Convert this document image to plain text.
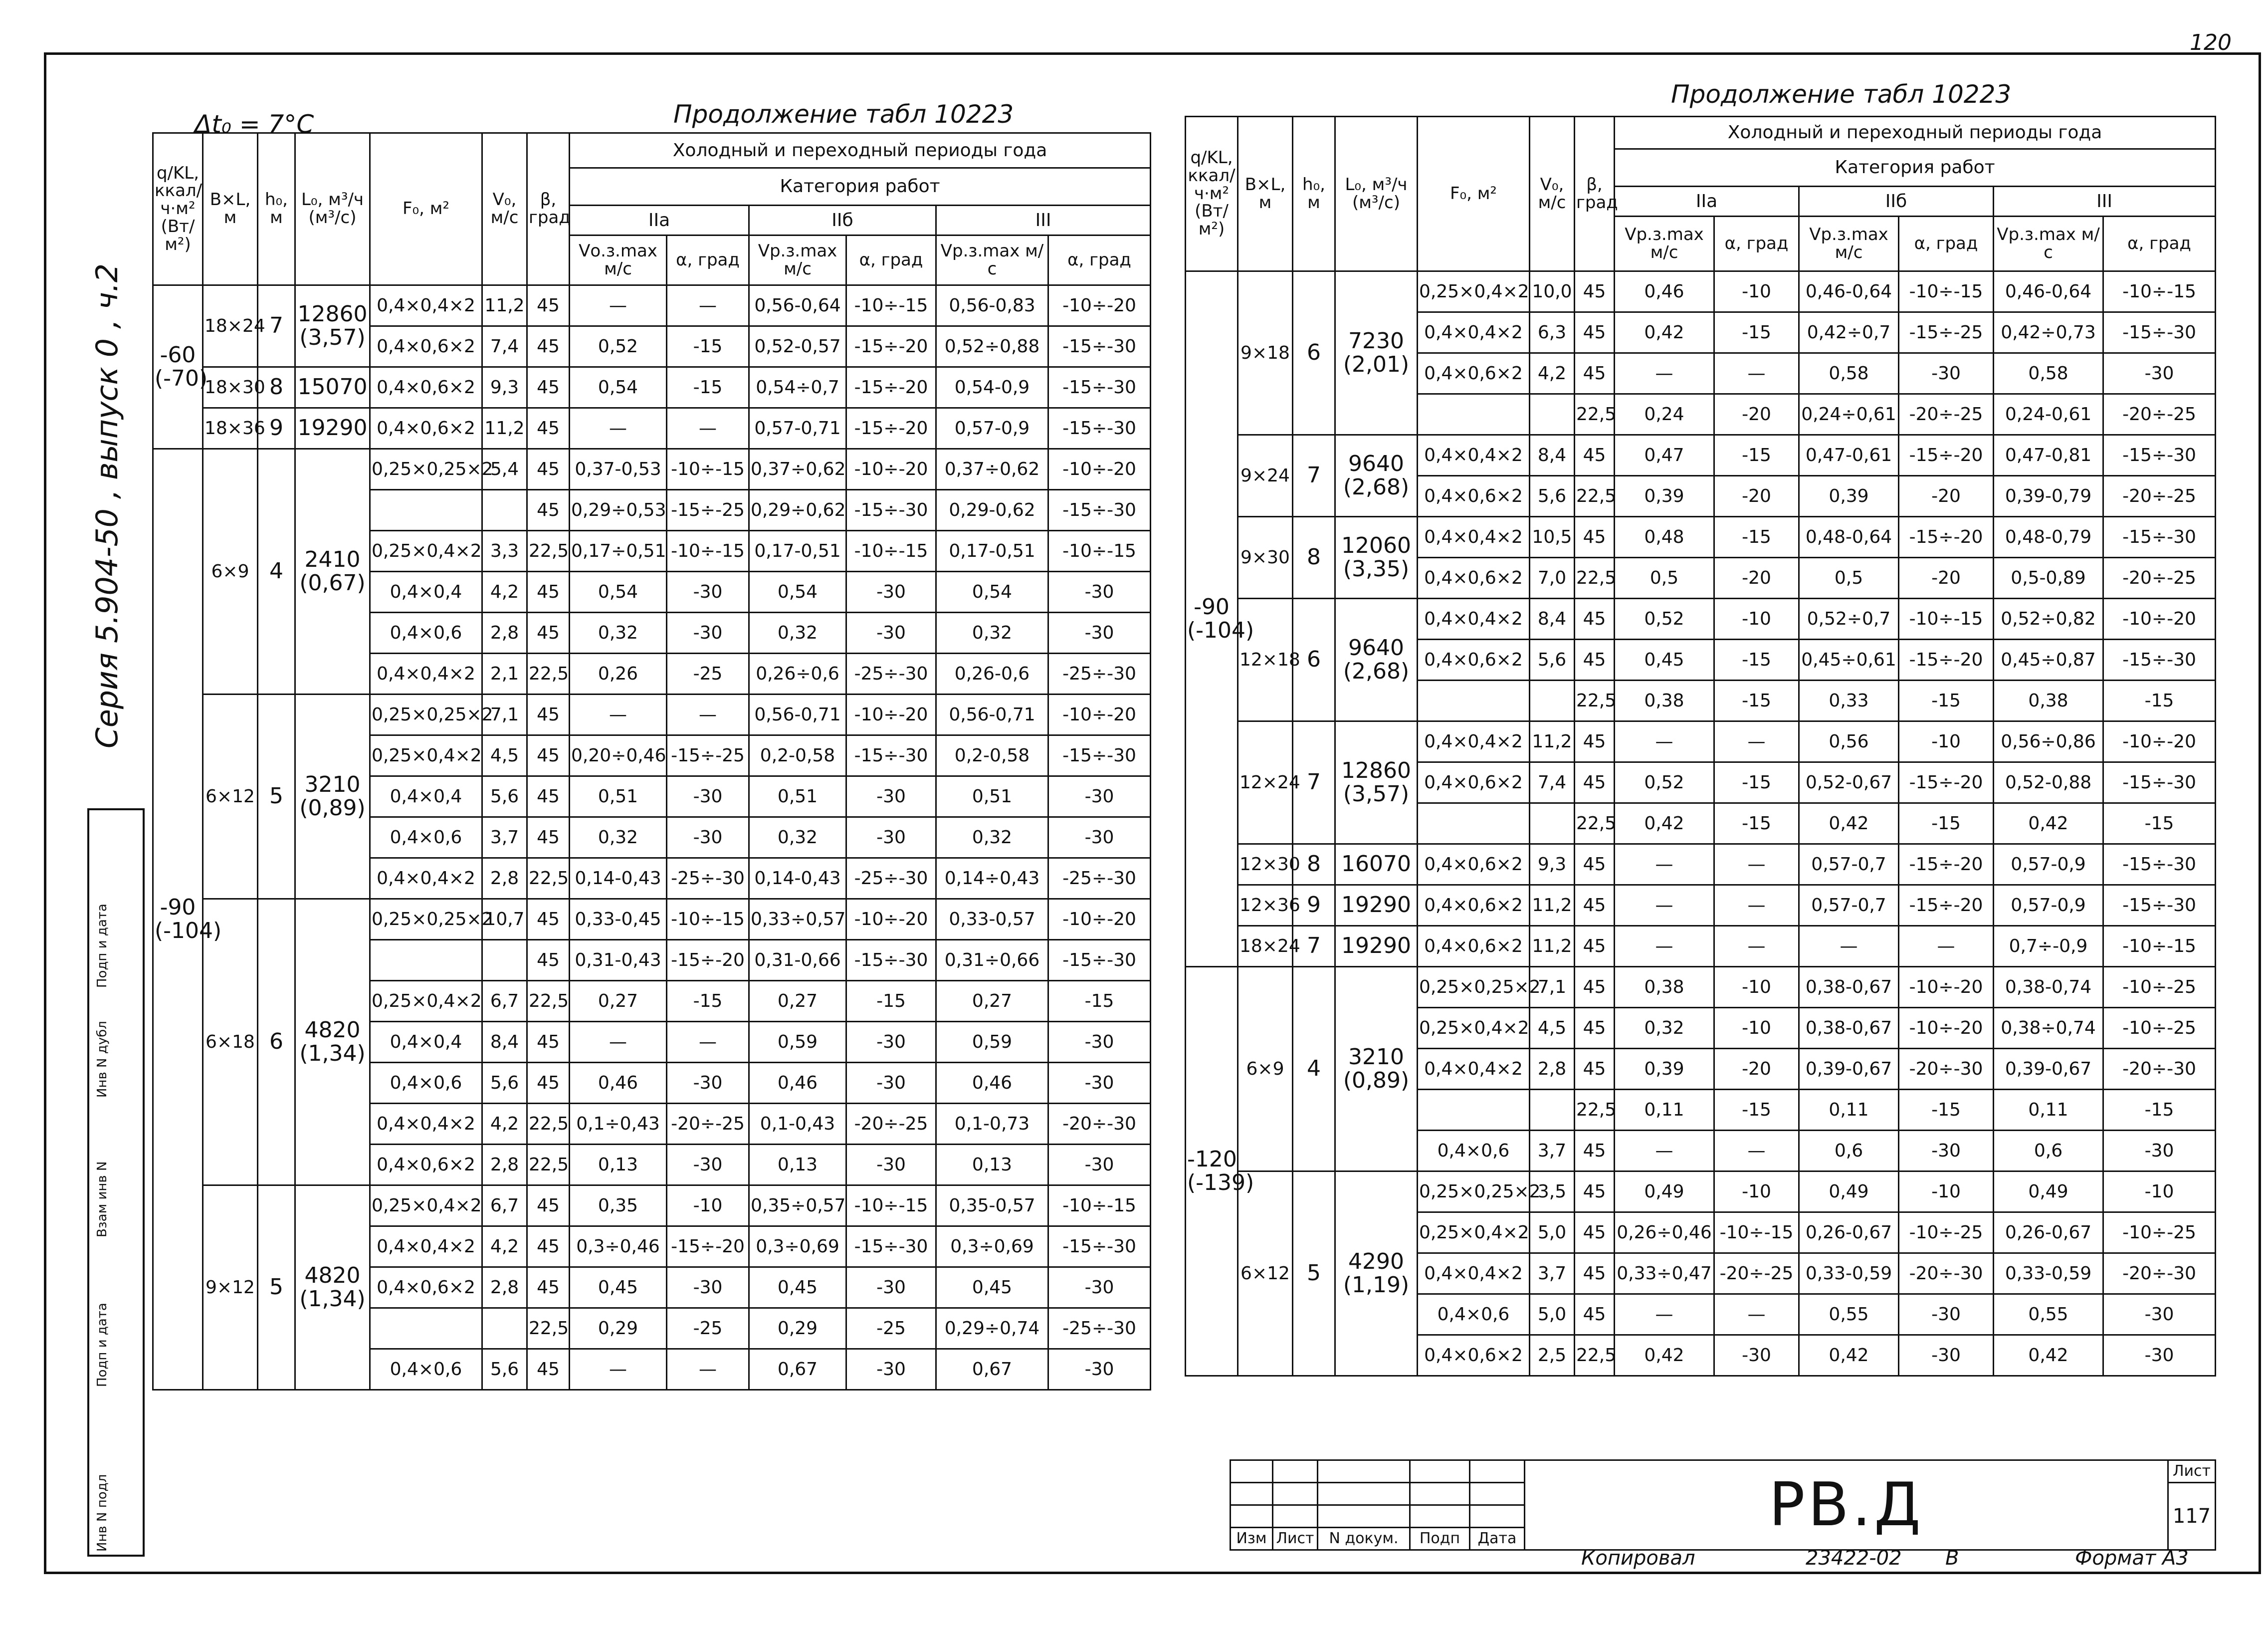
120
Серия 5.904-50 , выпуск 0 , ч.2
Инв N подл
Подп и дата
Взам инв N
Инв N дубл
Подп и дата
Δt₀ = 7°C	Продолжение табл 10223
q/KL, ккал/ч·м² (Вт/м²)	B×L, м	h₀, м	L₀, м³/ч (м³/с)	F₀, м²	V₀, м/с	β, град	Холодный и переходный периоды года					
							Категория работ					
							IIа		IIб		III	
							Vо.з.max м/с	α, град	Vр.з.max м/с	α, град	Vр.з.max м/с	α, град
-60 (-70)	18×24	7	12860 (3,57)	0,4×0,4×2	11,2	45	—	—	0,56-0,64	-10÷-15	0,56-0,83	-10÷-20
				0,4×0,6×2	7,4	45	0,52	-15	0,52-0,57	-15÷-20	0,52÷0,88	-15÷-30
	18×30	8	15070	0,4×0,6×2	9,3	45	0,54	-15	0,54÷0,7	-15÷-20	0,54-0,9	-15÷-30
	18×36	9	19290	0,4×0,6×2	11,2	45	—	—	0,57-0,71	-15÷-20	0,57-0,9	-15÷-30
-90 (-104)	6×9	4	2410 (0,67)	0,25×0,25×2	5,4	45	0,37-0,53	-10÷-15	0,37÷0,62	-10÷-20	0,37÷0,62	-10÷-20
						45	0,29÷0,53	-15÷-25	0,29÷0,62	-15÷-30	0,29-0,62	-15÷-30
				0,25×0,4×2	3,3	22,5	0,17÷0,51	-10÷-15	0,17-0,51	-10÷-15	0,17-0,51	-10÷-15
				0,4×0,4	4,2	45	0,54	-30	0,54	-30	0,54	-30
				0,4×0,6	2,8	45	0,32	-30	0,32	-30	0,32	-30
				0,4×0,4×2	2,1	22,5	0,26	-25	0,26÷0,6	-25÷-30	0,26-0,6	-25÷-30
	6×12	5	3210 (0,89)	0,25×0,25×2	7,1	45	—	—	0,56-0,71	-10÷-20	0,56-0,71	-10÷-20
				0,25×0,4×2	4,5	45	0,20÷0,46	-15÷-25	0,2-0,58	-15÷-30	0,2-0,58	-15÷-30
				0,4×0,4	5,6	45	0,51	-30	0,51	-30	0,51	-30
				0,4×0,6	3,7	45	0,32	-30	0,32	-30	0,32	-30
				0,4×0,4×2	2,8	22,5	0,14-0,43	-25÷-30	0,14-0,43	-25÷-30	0,14÷0,43	-25÷-30
	6×18	6	4820 (1,34)	0,25×0,25×2	10,7	45	0,33-0,45	-10÷-15	0,33÷0,57	-10÷-20	0,33-0,57	-10÷-20
						45	0,31-0,43	-15÷-20	0,31-0,66	-15÷-30	0,31÷0,66	-15÷-30
				0,25×0,4×2	6,7	22,5	0,27	-15	0,27	-15	0,27	-15
				0,4×0,4	8,4	45	—	—	0,59	-30	0,59	-30
				0,4×0,6	5,6	45	0,46	-30	0,46	-30	0,46	-30
				0,4×0,4×2	4,2	22,5	0,1÷0,43	-20÷-25	0,1-0,43	-20÷-25	0,1-0,73	-20÷-30
				0,4×0,6×2	2,8	22,5	0,13	-30	0,13	-30	0,13	-30
	9×12	5	4820 (1,34)	0,25×0,4×2	6,7	45	0,35	-10	0,35÷0,57	-10÷-15	0,35-0,57	-10÷-15
				0,4×0,4×2	4,2	45	0,3÷0,46	-15÷-20	0,3÷0,69	-15÷-30	0,3÷0,69	-15÷-30
				0,4×0,6×2	2,8	45	0,45	-30	0,45	-30	0,45	-30
						22,5	0,29	-25	0,29	-25	0,29÷0,74	-25÷-30
				0,4×0,6	5,6	45	—	—	0,67	-30	0,67	-30
Продолжение табл 10223
q/KL, ккал/ч·м² (Вт/м²)	B×L, м	h₀, м	L₀, м³/ч (м³/с)	F₀, м²	V₀, м/с	β, град	Холодный и переходный периоды года					
							Категория работ					
							IIа		IIб		III	
							Vр.з.max м/с	α, град	Vр.з.max м/с	α, град	Vр.з.max м/с	α, град
-90 (-104)	9×18	6	7230 (2,01)	0,25×0,4×2	10,0	45	0,46	-10	0,46-0,64	-10÷-15	0,46-0,64	-10÷-15
				0,4×0,4×2	6,3	45	0,42	-15	0,42÷0,7	-15÷-25	0,42÷0,73	-15÷-30
				0,4×0,6×2	4,2	45	—	—	0,58	-30	0,58	-30
						22,5	0,24	-20	0,24÷0,61	-20÷-25	0,24-0,61	-20÷-25
	9×24	7	9640 (2,68)	0,4×0,4×2	8,4	45	0,47	-15	0,47-0,61	-15÷-20	0,47-0,81	-15÷-30
				0,4×0,6×2	5,6	22,5	0,39	-20	0,39	-20	0,39-0,79	-20÷-25
	9×30	8	12060 (3,35)	0,4×0,4×2	10,5	45	0,48	-15	0,48-0,64	-15÷-20	0,48-0,79	-15÷-30
				0,4×0,6×2	7,0	22,5	0,5	-20	0,5	-20	0,5-0,89	-20÷-25
	12×18	6	9640 (2,68)	0,4×0,4×2	8,4	45	0,52	-10	0,52÷0,7	-10÷-15	0,52÷0,82	-10÷-20
				0,4×0,6×2	5,6	45	0,45	-15	0,45÷0,61	-15÷-20	0,45÷0,87	-15÷-30
						22,5	0,38	-15	0,33	-15	0,38	-15
	12×24	7	12860 (3,57)	0,4×0,4×2	11,2	45	—	—	0,56	-10	0,56÷0,86	-10÷-20
				0,4×0,6×2	7,4	45	0,52	-15	0,52-0,67	-15÷-20	0,52-0,88	-15÷-30
						22,5	0,42	-15	0,42	-15	0,42	-15
	12×30	8	16070	0,4×0,6×2	9,3	45	—	—	0,57-0,7	-15÷-20	0,57-0,9	-15÷-30
	12×36	9	19290	0,4×0,6×2	11,2	45	—	—	0,57-0,7	-15÷-20	0,57-0,9	-15÷-30
	18×24	7	19290	0,4×0,6×2	11,2	45	—	—	—	—	0,7÷-0,9	-10÷-15
-120 (-139)	6×9	4	3210 (0,89)	0,25×0,25×2	7,1	45	0,38	-10	0,38-0,67	-10÷-20	0,38-0,74	-10÷-25
				0,25×0,4×2	4,5	45	0,32	-10	0,38-0,67	-10÷-20	0,38÷0,74	-10÷-25
				0,4×0,4×2	2,8	45	0,39	-20	0,39-0,67	-20÷-30	0,39-0,67	-20÷-30
						22,5	0,11	-15	0,11	-15	0,11	-15
				0,4×0,6	3,7	45	—	—	0,6	-30	0,6	-30
	6×12	5	4290 (1,19)	0,25×0,25×2	3,5	45	0,49	-10	0,49	-10	0,49	-10
				0,25×0,4×2	5,0	45	0,26÷0,46	-10÷-15	0,26-0,67	-10÷-25	0,26-0,67	-10÷-25
				0,4×0,4×2	3,7	45	0,33÷0,47	-20÷-25	0,33-0,59	-20÷-30	0,33-0,59	-20÷-30
				0,4×0,6	5,0	45	—	—	0,55	-30	0,55	-30
				0,4×0,6×2	2,5	22,5	0,42	-30	0,42	-30	0,42	-30
					РВ.Д	Лист
						117

Изм	Лист	N докум.	Подп	Дата		
Копировал	23422-02 В	Формат А3
